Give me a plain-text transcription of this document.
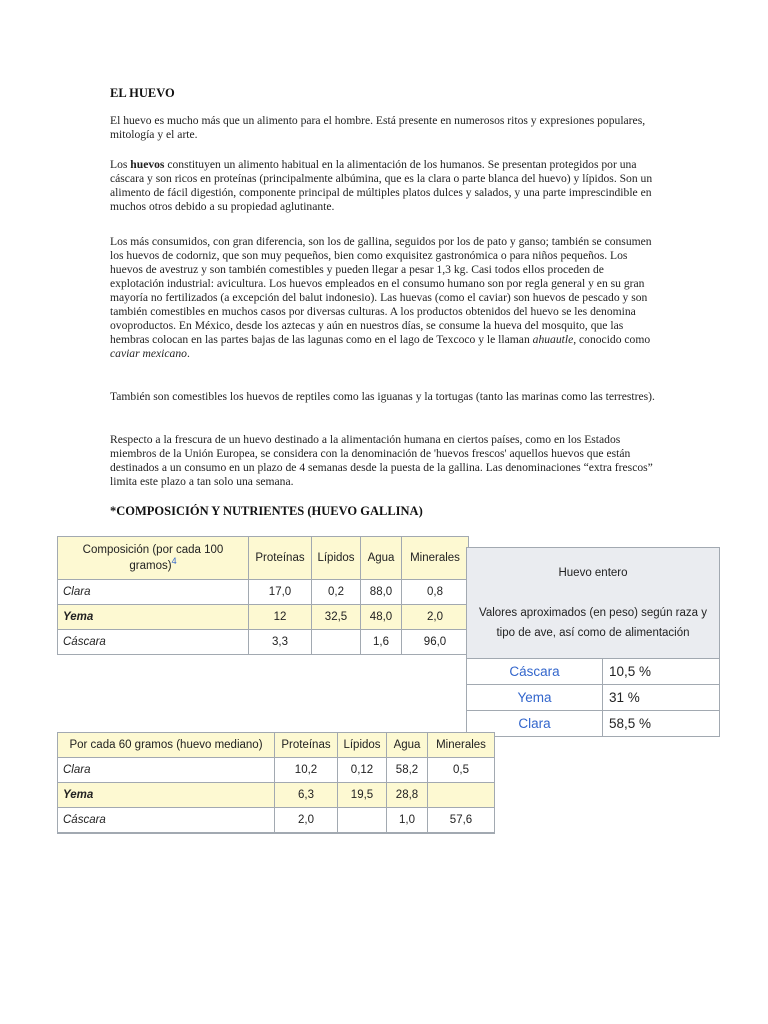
EL HUEVO

El huevo es mucho más que un alimento para el hombre. Está presente en numerosos ritos y expresiones populares, mitología y el arte.

Los huevos constituyen un alimento habitual en la alimentación de los humanos. Se presentan protegidos por una cáscara y son ricos en proteínas (principalmente albúmina, que es la clara o parte blanca del huevo) y lípidos. Son un alimento de fácil digestión, componente principal de múltiples platos dulces y salados, y una parte imprescindible en muchos otros debido a su propiedad aglutinante.

Los más consumidos, con gran diferencia, son los de gallina, seguidos por los de pato y ganso; también se consumen los huevos de codorniz, que son muy pequeños, bien como exquisitez gastronómica o para niños pequeños. Los huevos de avestruz y son también comestibles y pueden llegar a pesar 1,3 kg. Casi todos ellos proceden de explotación industrial: avicultura. Los huevos empleados en el consumo humano son por regla general y en su gran mayoría no fertilizados (a excepción del balut indonesio). Las huevas (como el caviar) son huevos de pescado y son también comestibles en muchos casos por diversas culturas. A los productos obtenidos del huevo se les denomina ovoproductos. En México, desde los aztecas y aún en nuestros días, se consume la hueva del mosquito, que las hembras colocan en las partes bajas de las lagunas como en el lago de Texcoco y le llaman ahuautle, conocido como caviar mexicano.

También son comestibles los huevos de reptiles como las iguanas y la tortugas (tanto las marinas como las terrestres).

Respecto a la frescura de un huevo destinado a la alimentación humana en ciertos países, como en los Estados miembros de la Unión Europea, se considera con la denominación de 'huevos frescos' aquellos huevos que están destinados a un consumo en un plazo de 4 semanas desde la puesta de la gallina. Las denominaciones “extra frescos” limita este plazo a tan solo una semana.

*COMPOSICIÓN Y NUTRIENTES (HUEVO GALLINA)
Composición (por cada 100 gramos)$^4$	Proteínas	Lípidos	Agua	Minerales
Clara	17,0	0,2	88,0	0,8
Yema	12	32,5	48,0	2,0
Cáscara	3,3		1,6	96,0
Huevo entero
Valores aproximados (en peso) según raza y tipo de ave, así como de alimentación	

Cáscara	10,5 %
Yema	31 %
Clara	58,5 %
Por cada 60 gramos (huevo mediano)	Proteínas	Lípidos	Agua	Minerales
Clara	10,2	0,12	58,2	0,5
Yema	6,3	19,5	28,8	
Cáscara	2,0		1,0	57,6
